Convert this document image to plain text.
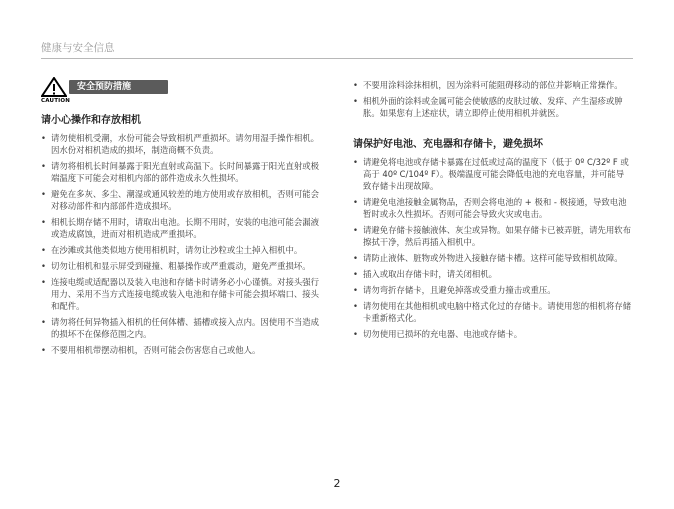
健康与安全信息
CAUTION
安全预防措施
请小心操作和存放相机
• 请勿使相机受潮，水份可能会导致相机严重损坏。请勿用湿手操作相机。因水份对相机造成的损坏，制造商概不负责。
• 请勿将相机长时间暴露于阳光直射或高温下。长时间暴露于阳光直射或极端温度下可能会对相机内部的部件造成永久性损坏。
• 避免在多灰、多尘、潮湿或通风较差的地方使用或存放相机，否则可能会对移动部件和内部部件造成损坏。
• 相机长期存储不用时，请取出电池。长期不用时，安装的电池可能会漏液或造成腐蚀，进而对相机造成严重损坏。
• 在沙滩或其他类似地方使用相机时，请勿让沙粒或尘土掉入相机中。
• 切勿让相机和显示屏受到碰撞、粗暴操作或严重震动，避免严重损坏。
• 连接电缆或适配器以及装入电池和存储卡时请务必小心谨慎。对接头强行用力、采用不当方式连接电缆或装入电池和存储卡可能会损坏端口、接头和配件。
• 请勿将任何异物插入相机的任何体槽、插槽或接入点内。因使用不当造成的损坏不在保修范围之内。
• 不要用相机带摆动相机，否则可能会伤害您自己或他人。
• 不要用涂料涂抹相机，因为涂料可能阻碍移动的部位并影响正常操作。
• 相机外面的涂料或金属可能会使敏感的皮肤过敏、发痒、产生湿疹或肿胀。如果您有上述症状，请立即停止使用相机并就医。
请保护好电池、充电器和存储卡，避免损坏
• 请避免将电池或存储卡暴露在过低或过高的温度下（低于 0º C/32º F 或高于 40º C/104º F）。极端温度可能会降低电池的充电容量，并可能导致存储卡出现故障。
• 请避免电池接触金属物品，否则会将电池的 + 极和 - 极接通，导致电池暂时或永久性损坏。否则可能会导致火灾或电击。
• 请避免存储卡接触液体、灰尘或异物。如果存储卡已被弄脏，请先用软布擦拭干净，然后再插入相机中。
• 请防止液体、脏物或外物进入接触存储卡槽。这样可能导致相机故障。
• 插入或取出存储卡时，请关闭相机。
• 请勿弯折存储卡，且避免掉落或受重力撞击或重压。
• 请勿使用在其他相机或电脑中格式化过的存储卡。请使用您的相机将存储卡重新格式化。
• 切勿使用已损坏的充电器、电池或存储卡。
2
